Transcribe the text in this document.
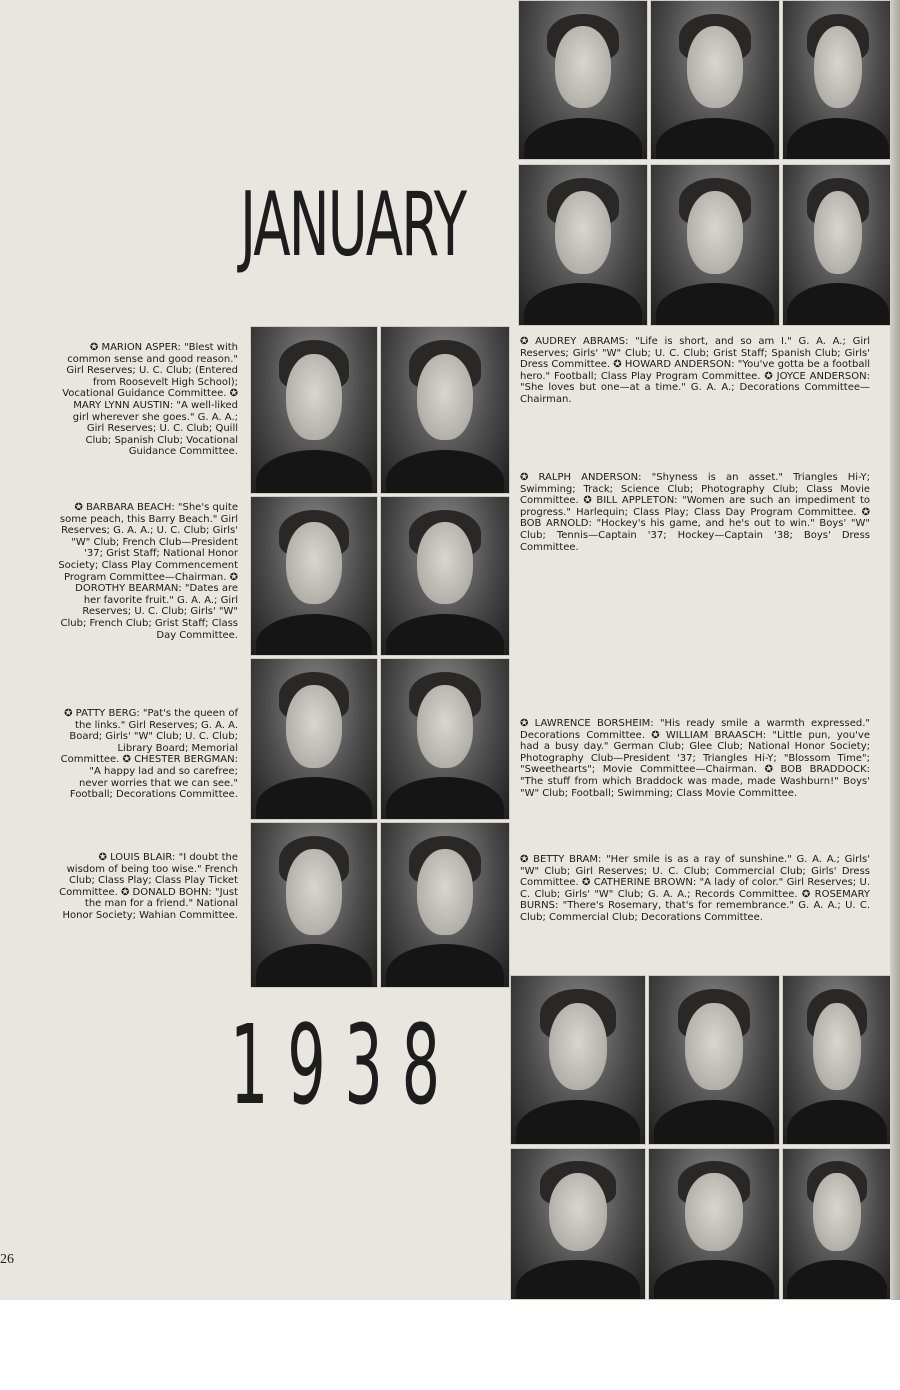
JANUARY
1938

✪ MARION ASPER: "Blest with common sense and good reason." Girl Reserves; U. C. Club; (Entered from Roosevelt High School); Vocational Guidance Committee. ✪ MARY LYNN AUSTIN: "A well-liked girl wherever she goes." G. A. A.; Girl Reserves; U. C. Club; Quill Club; Spanish Club; Vocational Guidance Committee.

✪ BARBARA BEACH: "She's quite some peach, this Barry Beach." Girl Reserves; G. A. A.; U. C. Club; Girls' "W" Club; French Club—President '37; Grist Staff; National Honor Society; Class Play Commencement Program Committee—Chairman. ✪ DOROTHY BEARMAN: "Dates are her favorite fruit." G. A. A.; Girl Reserves; U. C. Club; Girls' "W" Club; French Club; Grist Staff; Class Day Committee.

✪ PATTY BERG: "Pat's the queen of the links." Girl Reserves; G. A. A. Board; Girls' "W" Club; U. C. Club; Library Board; Memorial Committee. ✪ CHESTER BERGMAN: "A happy lad and so carefree; never worries that we can see." Football; Decorations Committee.

✪ LOUIS BLAIR: "I doubt the wisdom of being too wise." French Club; Class Play; Class Play Ticket Committee. ✪ DONALD BOHN: "Just the man for a friend." National Honor Society; Wahian Committee.

✪ AUDREY ABRAMS: "Life is short, and so am I." G. A. A.; Girl Reserves; Girls' "W" Club; U. C. Club; Grist Staff; Spanish Club; Girls' Dress Committee. ✪ HOWARD ANDERSON: "You've gotta be a football hero." Football; Class Play Program Committee. ✪ JOYCE ANDERSON: "She loves but one—at a time." G. A. A.; Decorations Committee—Chairman.

✪ RALPH ANDERSON: "Shyness is an asset." Triangles Hi-Y; Swimming; Track; Science Club; Photography Club; Class Movie Committee. ✪ BILL APPLETON: "Women are such an impediment to progress." Harlequin; Class Play; Class Day Program Committee. ✪ BOB ARNOLD: "Hockey's his game, and he's out to win." Boys' "W" Club; Tennis—Captain '37; Hockey—Captain '38; Boys' Dress Committee.

✪ LAWRENCE BORSHEIM: "His ready smile a warmth expressed." Decorations Committee. ✪ WILLIAM BRAASCH: "Little pun, you've had a busy day." German Club; Glee Club; National Honor Society; Photography Club—President '37; Triangles Hi-Y; "Blossom Time"; "Sweethearts"; Movie Committee—Chairman. ✪ BOB BRADDOCK: "The stuff from which Braddock was made, made Washburn!" Boys' "W" Club; Football; Swimming; Class Movie Committee.

✪ BETTY BRAM: "Her smile is as a ray of sunshine." G. A. A.; Girls' "W" Club; Girl Reserves; U. C. Club; Commercial Club; Girls' Dress Committee. ✪ CATHERINE BROWN: "A lady of color." Girl Reserves; U. C. Club; Girls' "W" Club; G. A. A.; Records Committee. ✪ ROSEMARY BURNS: "There's Rosemary, that's for remembrance." G. A. A.; U. C. Club; Commercial Club; Decorations Committee.

26
